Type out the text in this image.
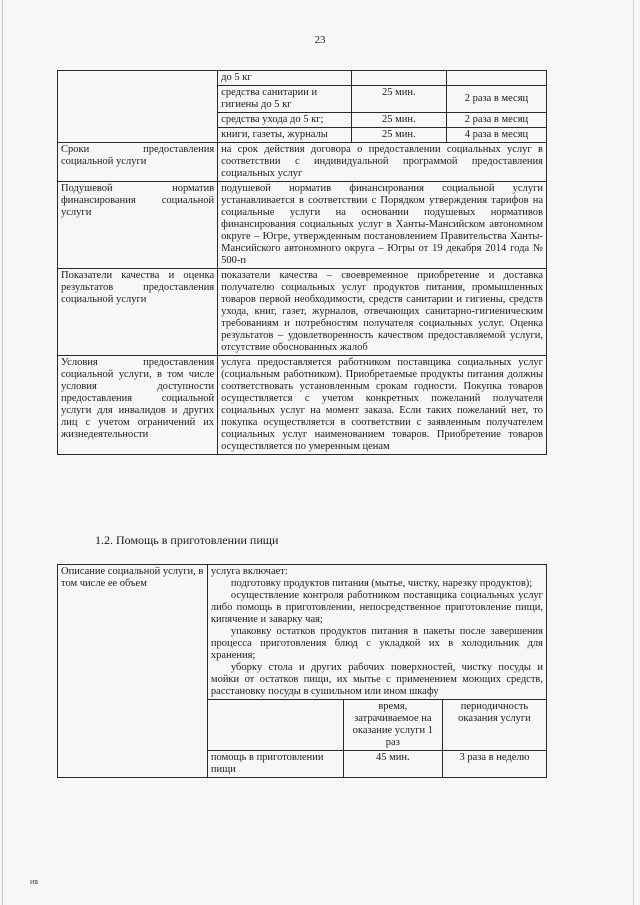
23
	до 5 кг		
	средства санитарии и гигиены до 5 кг	25 мин.	2 раза в месяц
	средства ухода до 5 кг;	25 мин.	2 раза в месяц
	книги, газеты, журналы	25 мин.	4 раза в месяц
Сроки предоставления социальной услуги	на срок действия договора о предоставлении социальных услуг в соответствии с индивидуальной программой предоставления социальных услуг		
Подушевой норматив финансирования социальной услуги	подушевой норматив финансирования социальной услуги устанавливается в соответствии с Порядком утверждения тарифов на социальные услуги на основании подушевых нормативов финансирования социальных услуг в Ханты-Мансийском автономном округе – Югре, утвержденным постановлением Правительства Ханты-Мансийского автономного округа – Югры от 19 декабря 2014 года № 500-п		
Показатели качества и оценка результатов предоставления социальной услуги	показатели качества – своевременное приобретение и доставка получателю социальных услуг продуктов питания, промышленных товаров первой необходимости, средств санитарии и гигиены, средств ухода, книг, газет, журналов, отвечающих санитарно-гигиеническим требованиям и потребностям получателя социальных услуг. Оценка результатов – удовлетворенность качеством предоставляемой услуги, отсутствие обоснованных жалоб		
Условия предоставления социальной услуги, в том числе условия доступности предоставления социальной услуги для инвалидов и других лиц с учетом ограничений их жизнедеятельности	услуга предоставляется работником поставщика социальных услуг (социальным работником). Приобретаемые продукты питания должны соответствовать установленным срокам годности. Покупка товаров осуществляется с учетом конкретных пожеланий получателя социальных услуг на момент заказа. Если таких пожеланий нет, то покупка осуществляется в соответствии с заявленным получателем социальных услуг наименованием товаров. Приобретение товаров осуществляется по умеренным ценам		
1.2. Помощь в приготовлении пищи
Описание социальной услуги, в том числе ее объем	услуга включает:
подготовку продуктов питания (мытье, чистку, нарезку продуктов);
осуществление контроля работником поставщика социальных услуг либо помощь в приготовлении, непосредственное приготовление пищи, кипячение и заварку чая;
упаковку остатков продуктов питания в пакеты после завершения процесса приготовления блюд с укладкой их в холодильник для хранения;
уборку стола и других рабочих поверхностей, чистку посуды и мойки от остатков пищи, их мытье с применением моющих средств, расстановку посуды в сушильном или ином шкафу		

		время, затрачиваемое на оказание услуги 1 раз	периодичность оказания услуги
	помощь в приготовлении пищи	45 мин.	3 раза в неделю
ив
